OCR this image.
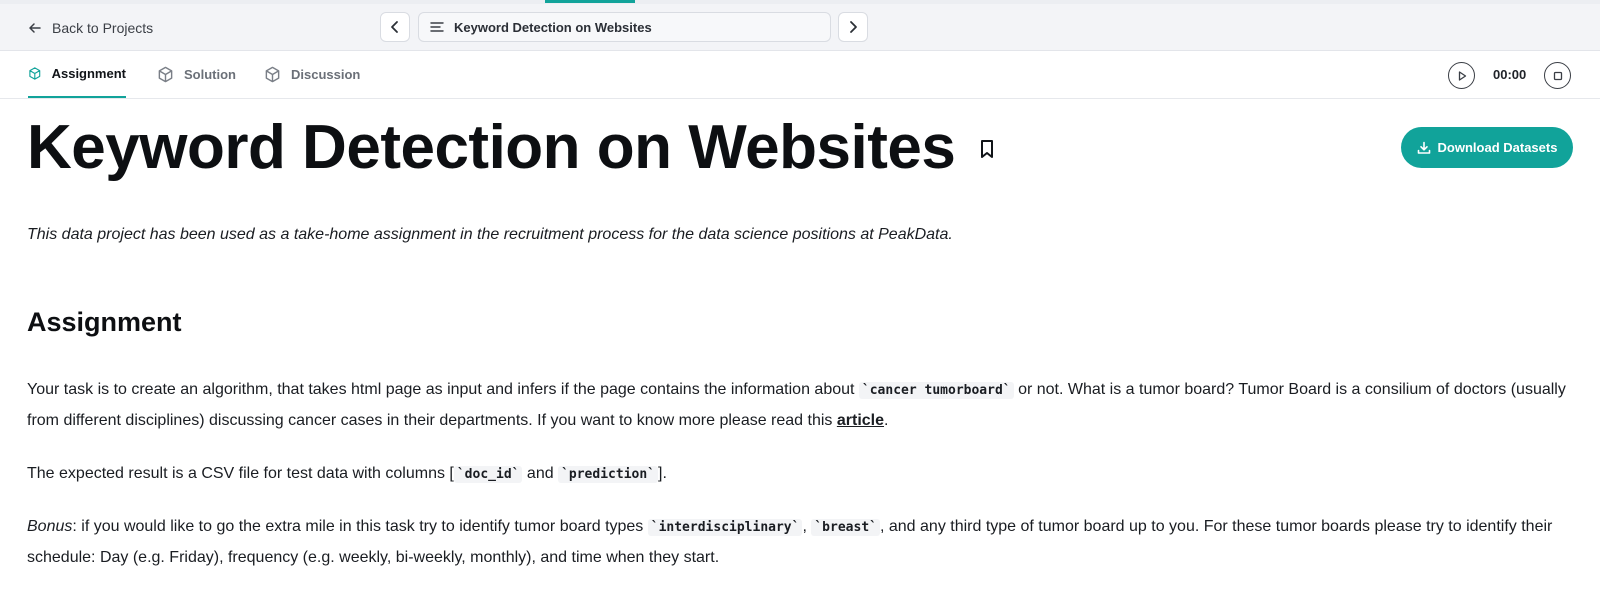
Back to Projects	Keyword Detection on Websites
Assignment	Solution	Discussion	00:00
Keyword Detection on Websites	Download Datasets

This data project has been used as a take-home assignment in the recruitment process for the data science positions at PeakData.

Assignment

Your task is to create an algorithm, that takes html page as input and infers if the page contains the information about `cancer tumorboard` or not. What is a tumor board? Tumor Board is a consilium of doctors (usually from different disciplines) discussing cancer cases in their departments. If you want to know more please read this article.

The expected result is a CSV file for test data with columns [ `doc_id` and `prediction` ].

Bonus: if you would like to go the extra mile in this task try to identify tumor board types `interdisciplinary` , `breast` , and any third type of tumor board up to you. For these tumor boards please try to identify their schedule: Day (e.g. Friday), frequency (e.g. weekly, bi-weekly, monthly), and time when they start.
